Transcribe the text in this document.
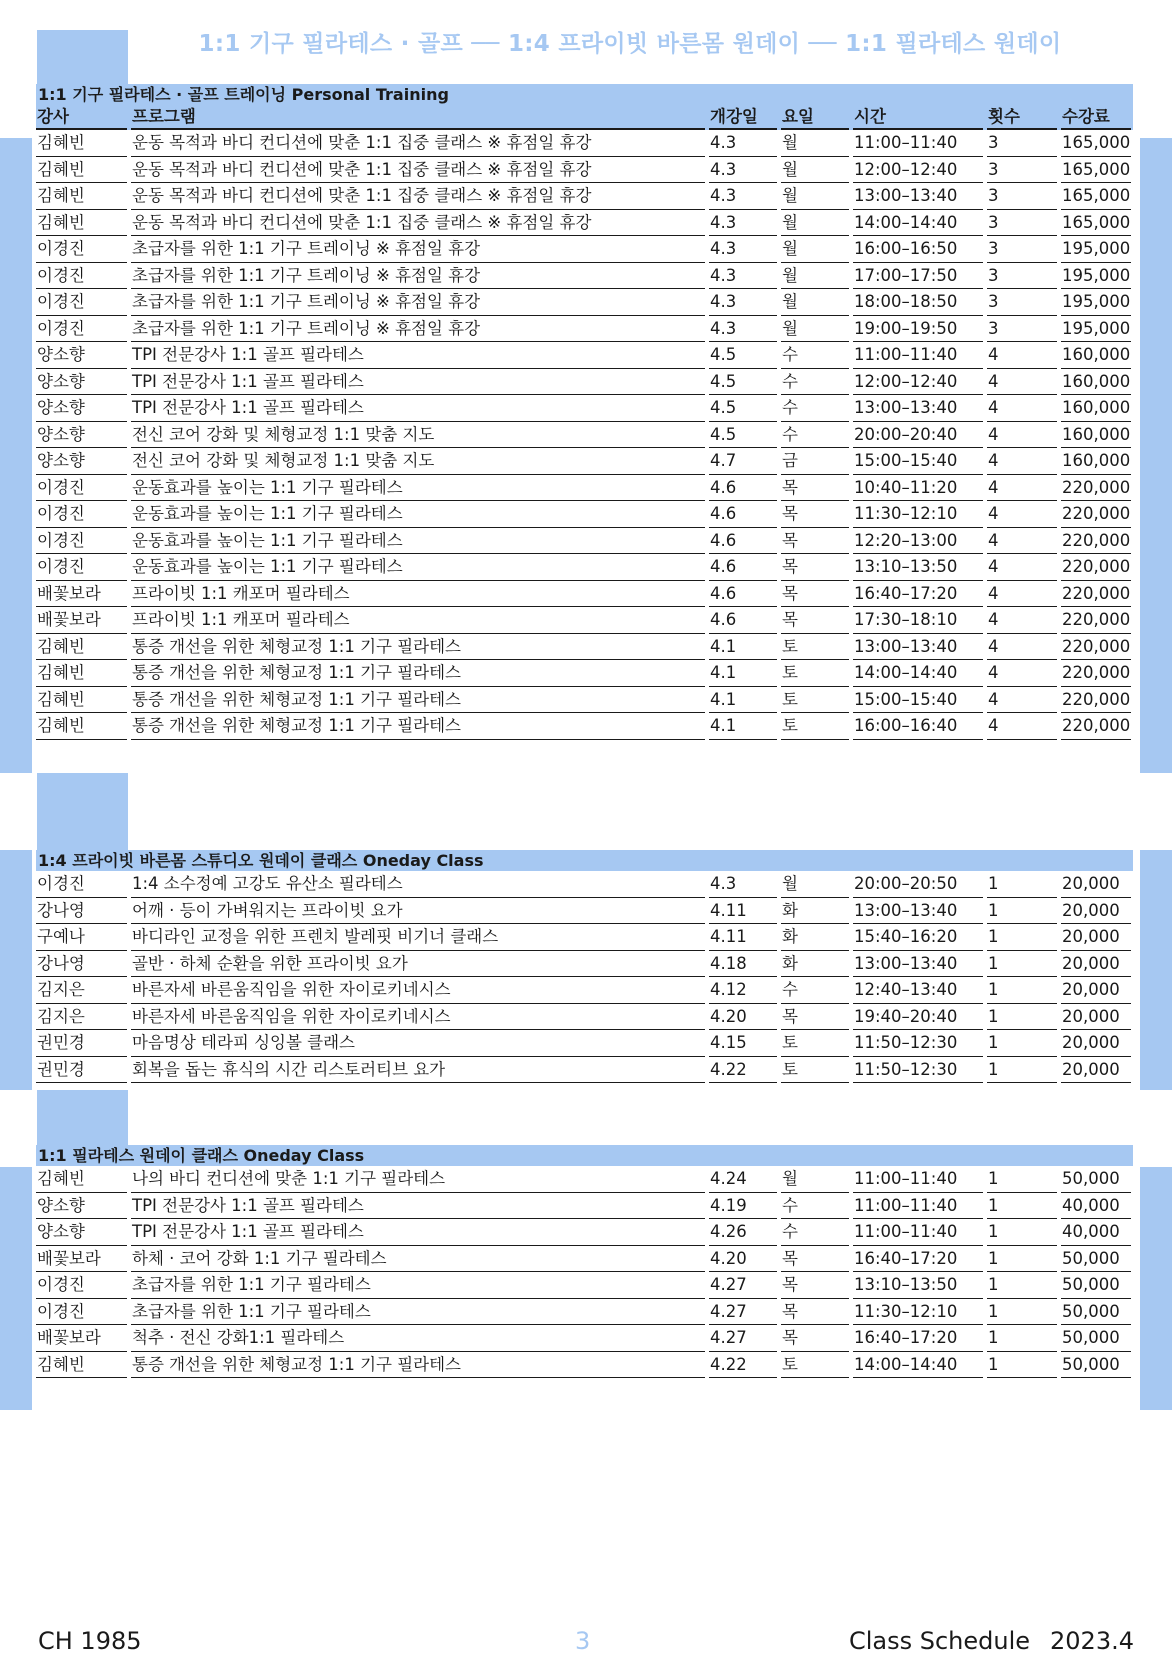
1:1 기구 필라테스 · 골프 ── 1:4 프라이빗 바른몸 원데이 ── 1:1 필라테스 원데이
1:1 기구 필라테스 · 골프 트레이닝 Personal Training
강사	프로그램	개강일	요일	시간	횟수	수강료
김혜빈	운동 목적과 바디 컨디션에 맞춘 1:1 집중 클래스 ※ 휴점일 휴강	4.3	월	11:00–11:40	3	165,000
김혜빈	운동 목적과 바디 컨디션에 맞춘 1:1 집중 클래스 ※ 휴점일 휴강	4.3	월	12:00–12:40	3	165,000
김혜빈	운동 목적과 바디 컨디션에 맞춘 1:1 집중 클래스 ※ 휴점일 휴강	4.3	월	13:00–13:40	3	165,000
김혜빈	운동 목적과 바디 컨디션에 맞춘 1:1 집중 클래스 ※ 휴점일 휴강	4.3	월	14:00–14:40	3	165,000
이경진	초급자를 위한 1:1 기구 트레이닝 ※ 휴점일 휴강	4.3	월	16:00–16:50	3	195,000
이경진	초급자를 위한 1:1 기구 트레이닝 ※ 휴점일 휴강	4.3	월	17:00–17:50	3	195,000
이경진	초급자를 위한 1:1 기구 트레이닝 ※ 휴점일 휴강	4.3	월	18:00–18:50	3	195,000
이경진	초급자를 위한 1:1 기구 트레이닝 ※ 휴점일 휴강	4.3	월	19:00–19:50	3	195,000
양소향	TPI 전문강사 1:1 골프 필라테스	4.5	수	11:00–11:40	4	160,000
양소향	TPI 전문강사 1:1 골프 필라테스	4.5	수	12:00–12:40	4	160,000
양소향	TPI 전문강사 1:1 골프 필라테스	4.5	수	13:00–13:40	4	160,000
양소향	전신 코어 강화 및 체형교정 1:1 맞춤 지도	4.5	수	20:00–20:40	4	160,000
양소향	전신 코어 강화 및 체형교정 1:1 맞춤 지도	4.7	금	15:00–15:40	4	160,000
이경진	운동효과를 높이는 1:1 기구 필라테스	4.6	목	10:40–11:20	4	220,000
이경진	운동효과를 높이는 1:1 기구 필라테스	4.6	목	11:30–12:10	4	220,000
이경진	운동효과를 높이는 1:1 기구 필라테스	4.6	목	12:20–13:00	4	220,000
이경진	운동효과를 높이는 1:1 기구 필라테스	4.6	목	13:10–13:50	4	220,000
배꽃보라	프라이빗 1:1 캐포머 필라테스	4.6	목	16:40–17:20	4	220,000
배꽃보라	프라이빗 1:1 캐포머 필라테스	4.6	목	17:30–18:10	4	220,000
김혜빈	통증 개선을 위한 체형교정 1:1 기구 필라테스	4.1	토	13:00–13:40	4	220,000
김혜빈	통증 개선을 위한 체형교정 1:1 기구 필라테스	4.1	토	14:00–14:40	4	220,000
김혜빈	통증 개선을 위한 체형교정 1:1 기구 필라테스	4.1	토	15:00–15:40	4	220,000
김혜빈	통증 개선을 위한 체형교정 1:1 기구 필라테스	4.1	토	16:00–16:40	4	220,000
1:4 프라이빗 바른몸 스튜디오 원데이 클래스 Oneday Class
이경진	1:4 소수정예 고강도 유산소 필라테스	4.3	월	20:00–20:50	1	20,000
강나영	어깨 · 등이 가벼워지는 프라이빗 요가	4.11	화	13:00–13:40	1	20,000
구예나	바디라인 교정을 위한 프렌치 발레핏 비기너 클래스	4.11	화	15:40–16:20	1	20,000
강나영	골반 · 하체 순환을 위한 프라이빗 요가	4.18	화	13:00–13:40	1	20,000
김지은	바른자세 바른움직임을 위한 자이로키네시스	4.12	수	12:40–13:40	1	20,000
김지은	바른자세 바른움직임을 위한 자이로키네시스	4.20	목	19:40–20:40	1	20,000
권민경	마음명상 테라피 싱잉볼 클래스	4.15	토	11:50–12:30	1	20,000
권민경	회복을 돕는 휴식의 시간 리스토러티브 요가	4.22	토	11:50–12:30	1	20,000
1:1 필라테스 원데이 클래스 Oneday Class
김혜빈	나의 바디 컨디션에 맞춘 1:1 기구 필라테스	4.24	월	11:00–11:40	1	50,000
양소향	TPI 전문강사 1:1 골프 필라테스	4.19	수	11:00–11:40	1	40,000
양소향	TPI 전문강사 1:1 골프 필라테스	4.26	수	11:00–11:40	1	40,000
배꽃보라	하체 · 코어 강화 1:1 기구 필라테스	4.20	목	16:40–17:20	1	50,000
이경진	초급자를 위한 1:1 기구 필라테스	4.27	목	13:10–13:50	1	50,000
이경진	초급자를 위한 1:1 기구 필라테스	4.27	목	11:30–12:10	1	50,000
배꽃보라	척추 · 전신 강화1:1 필라테스	4.27	목	16:40–17:20	1	50,000
김혜빈	통증 개선을 위한 체형교정 1:1 기구 필라테스	4.22	토	14:00–14:40	1	50,000
CH 1985	3	Class Schedule 2023.4
